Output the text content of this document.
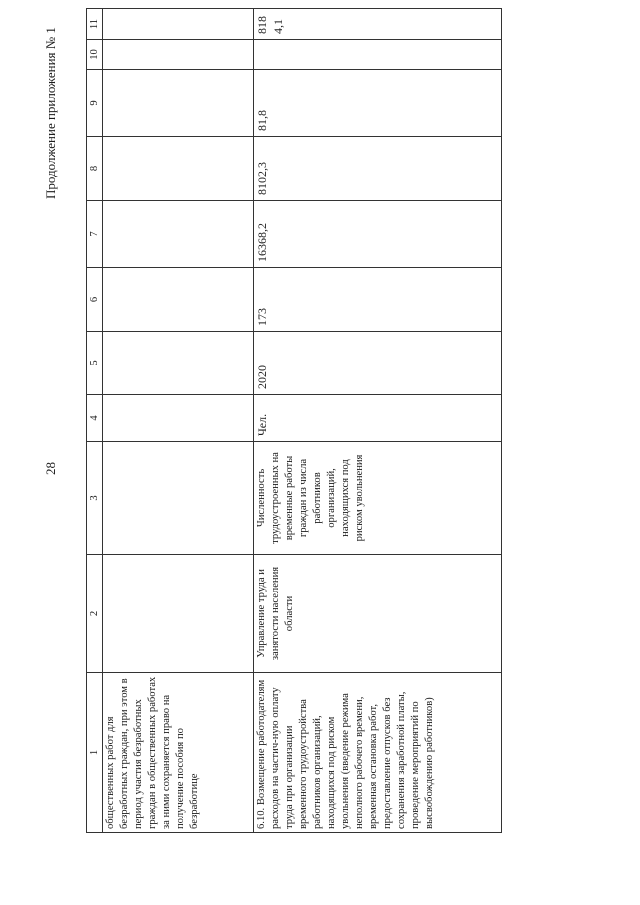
28
Продолжение приложения № 1
1	2	3	4	5	6	7	8	9	10	11
общественных работ для безработных граждан, при этом в период участия безработных граждан в общественных работах за ними сохраняется право на получение пособия по безработице										
6.10. Возмещение работодателям расходов на частич-ную оплату труда при организации временного трудоустройства работников организаций, находящихся под риском увольнения (введение режима неполного рабочего времени, временная остановка работ, предоставление отпусков без сохранения заработной платы, проведение мероприятий по высвобождению работников)	Управление труда и занятости населения области	Численность трудоустроенных на временные работы граждан из числа работников организаций, находящихся под риском увольнения	Чел.	2020	173	16368,2	8102,3	81,8		8184,1
